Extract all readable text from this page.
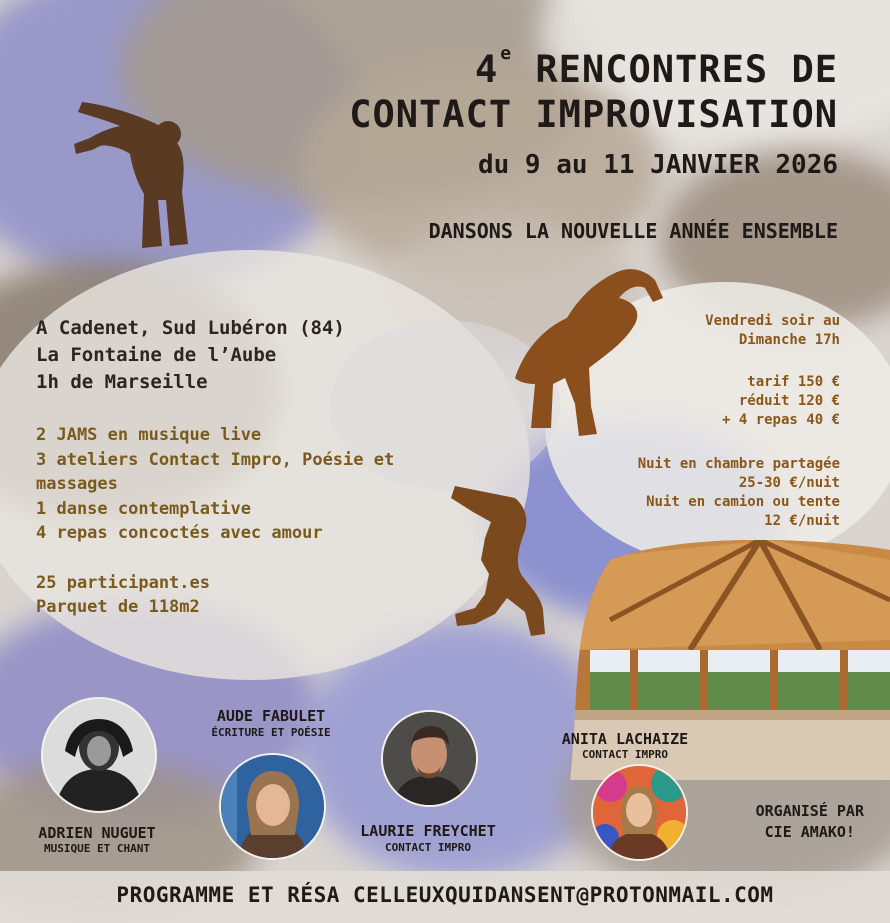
4 $^e$ RENCONTRES DE
CONTACT IMPROVISATION
du 9 au 11 JANVIER 2026
DANSONS LA NOUVELLE ANNÉE ENSEMBLE
A Cadenet, Sud Lubéron (84)
La Fontaine de l’Aube
1h de Marseille
2 JAMS en musique live
3 ateliers Contact Impro, Poésie et
massages
1 danse contemplative
4 repas concoctés avec amour
25 participant.es
Parquet de 118m2
Vendredi soir au
Dimanche 17h
tarif 150 €
réduit 120 €
+ 4 repas 40 €
Nuit en chambre partagée
25-30 €/nuit
Nuit en camion ou tente
12 €/nuit
ADRIEN NUGUET
MUSIQUE ET CHANT
AUDE FABULET
ÉCRITURE ET POÉSIE
LAURIE FREYCHET
CONTACT IMPRO
ANITA LACHAIZE
CONTACT IMPRO
ORGANISÉ PAR
CIE AMAKO!
PROGRAMME ET RÉSA CELLEUXQUIDANSENT@PROTONMAIL.COM
